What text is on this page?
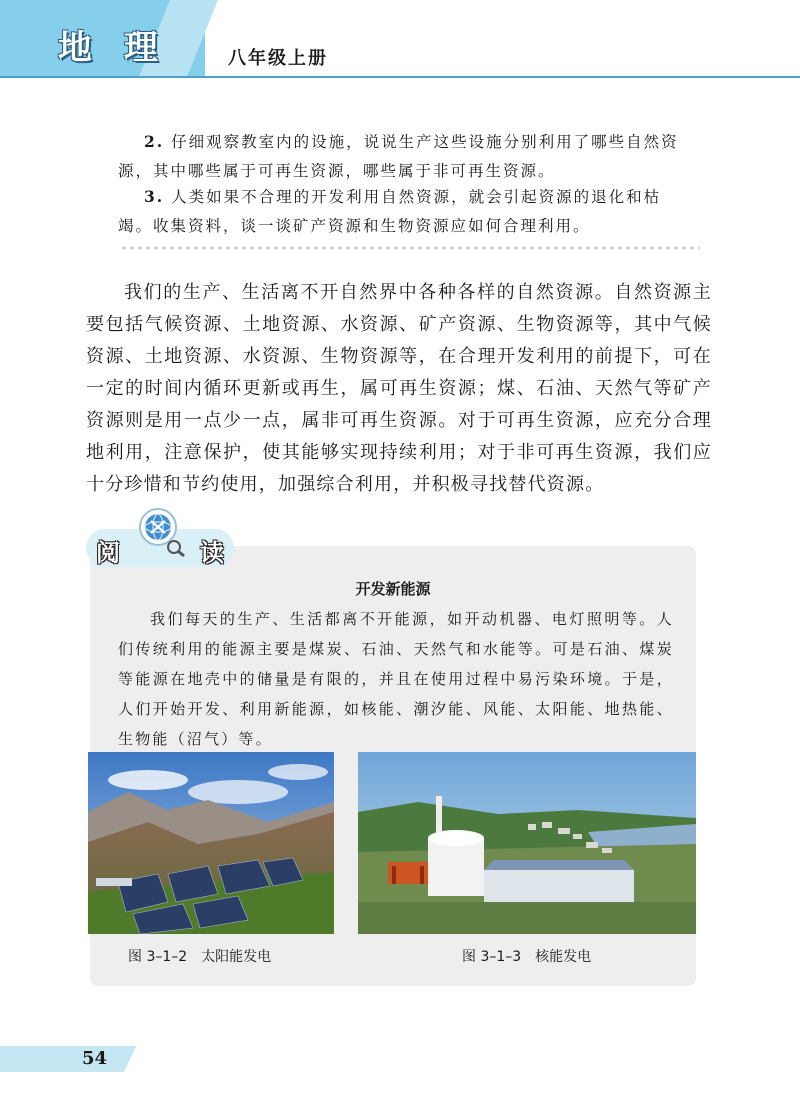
地 理	八年级上册
2. 仔细观察教室内的设施，说说生产这些设施分别利用了哪些自然资源，其中哪些属于可再生资源，哪些属于非可再生资源。
3. 人类如果不合理的开发利用自然资源，就会引起资源的退化和枯竭。收集资料，谈一谈矿产资源和生物资源应如何合理利用。
我们的生产、生活离不开自然界中各种各样的自然资源。自然资源主要包括气候资源、土地资源、水资源、矿产资源、生物资源等，其中气候资源、土地资源、水资源、生物资源等，在合理开发利用的前提下，可在一定的时间内循环更新或再生，属可再生资源；煤、石油、天然气等矿产资源则是用一点少一点，属非可再生资源。对于可再生资源，应充分合理地利用，注意保护，使其能够实现持续利用；对于非可再生资源，我们应十分珍惜和节约使用，加强综合利用，并积极寻找替代资源。
阅	读
开发新能源
我们每天的生产、生活都离不开能源，如开动机器、电灯照明等。人们传统利用的能源主要是煤炭、石油、天然气和水能等。可是石油、煤炭等能源在地壳中的储量是有限的，并且在使用过程中易污染环境。于是，人们开始开发、利用新能源，如核能、潮汐能、风能、太阳能、地热能、生物能（沼气）等。
图 3–1–2　太阳能发电	图 3–1–3　核能发电
54
